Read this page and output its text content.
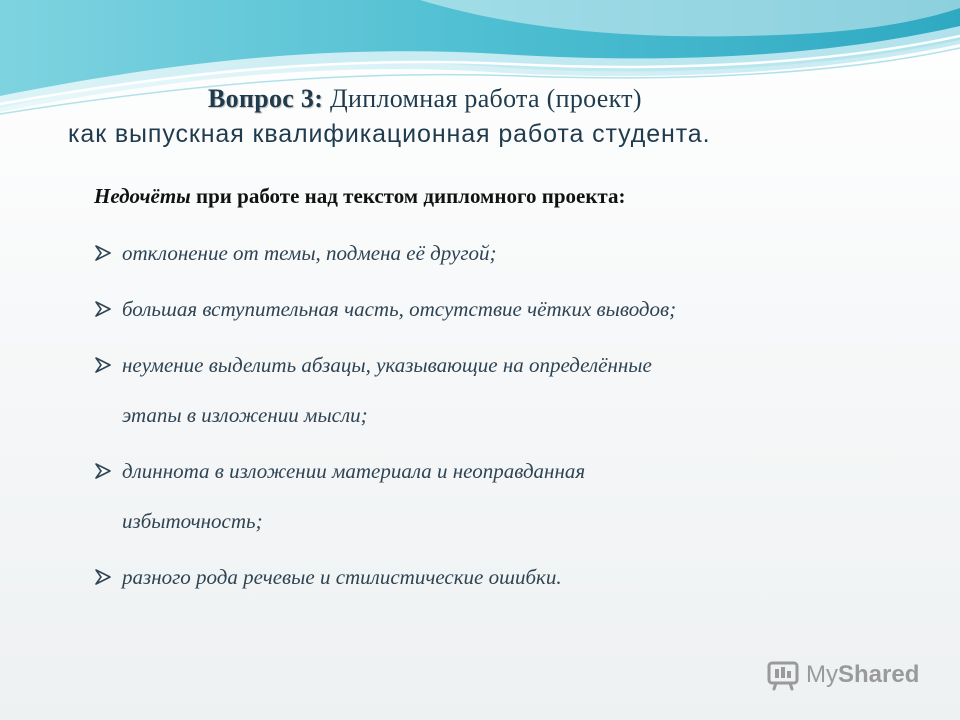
Вопрос 3: Дипломная работа (проект)
как выпускная квалификационная работа студента.
Недочёты при работе над текстом дипломного проекта:
отклонение от темы, подмена её другой;
большая вступительная часть, отсутствие чётких выводов;
неумение выделить абзацы, указывающие на определённые
этапы в изложении мысли;
длиннота в изложении материала и неоправданная
избыточность;
разного рода речевые и стилистические ошибки.
My Shared
